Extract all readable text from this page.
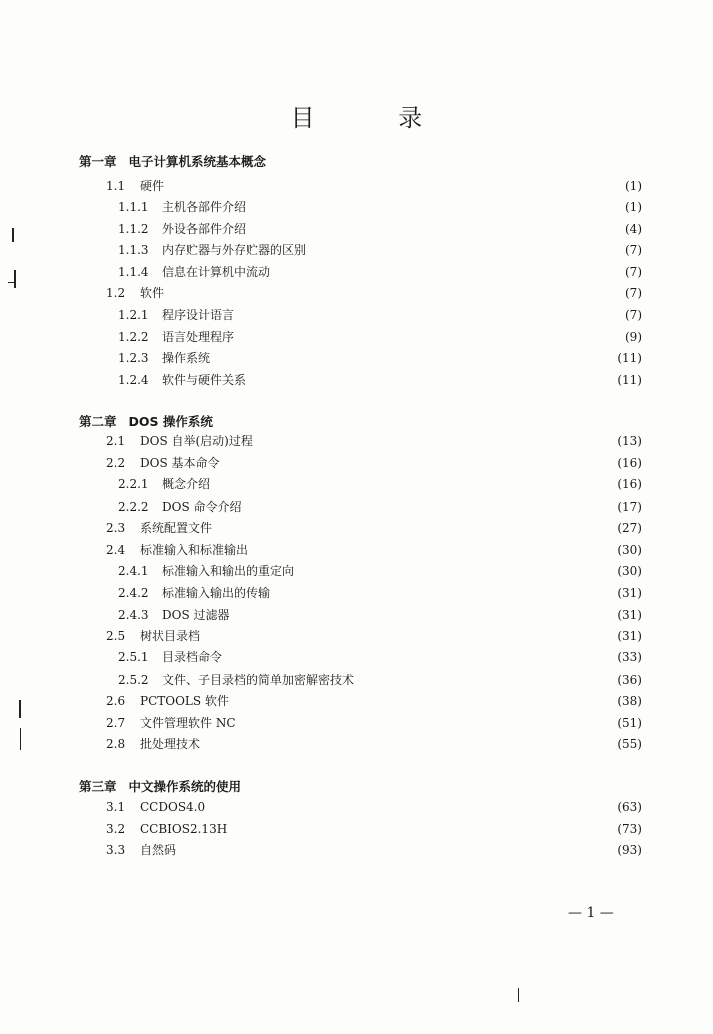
目 录
第一章 电子计算机系统基本概念
1.1	硬件	(1)
1.1.1	主机各部件介绍	(1)
1.1.2	外设各部件介绍	(4)
1.1.3	内存贮器与外存贮器的区别	(7)
1.1.4	信息在计算机中流动	(7)
1.2	软件	(7)
1.2.1	程序设计语言	(7)
1.2.2	语言处理程序	(9)
1.2.3	操作系统	(11)
1.2.4	软件与硬件关系	(11)
第二章 DOS 操作系统
2.1	DOS 自举(启动)过程	(13)
2.2	DOS 基本命令	(16)
2.2.1	概念介绍	(16)
2.2.2	DOS 命令介绍	(17)
2.3	系统配置文件	(27)
2.4	标准输入和标准输出	(30)
2.4.1	标准输入和输出的重定向	(30)
2.4.2	标准输入输出的传输	(31)
2.4.3	DOS 过滤器	(31)
2.5	树状目录档	(31)
2.5.1	目录档命令	(33)
2.5.2	文件、子目录档的简单加密解密技术	(36)
2.6	PCTOOLS 软件	(38)
2.7	文件管理软件 NC	(51)
2.8	批处理技术	(55)
第三章 中文操作系统的使用
3.1	CCDOS4.0	(63)
3.2	CCBIOS2.13H	(73)
3.3	自然码	(93)
— 1 —
